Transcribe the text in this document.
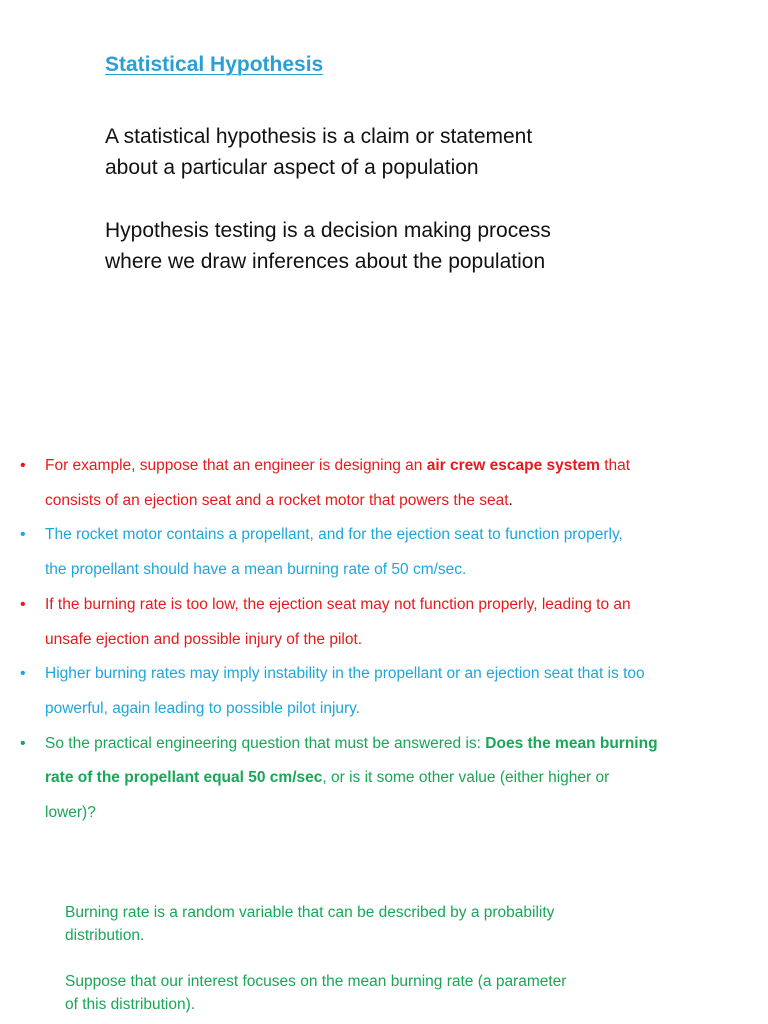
Statistical Hypothesis
A statistical hypothesis is a claim or statement
about a particular aspect of a population
Hypothesis testing is a decision making process
where we draw inferences about the population
• For example, suppose that an engineer is designing an air crew escape system that
consists of an ejection seat and a rocket motor that powers the seat.
• The rocket motor contains a propellant, and for the ejection seat to function properly,
the propellant should have a mean burning rate of 50 cm/sec.
• If the burning rate is too low, the ejection seat may not function properly, leading to an
unsafe ejection and possible injury of the pilot.
• Higher burning rates may imply instability in the propellant or an ejection seat that is too
powerful, again leading to possible pilot injury.
• So the practical engineering question that must be answered is: Does the mean burning
rate of the propellant equal 50 cm/sec, or is it some other value (either higher or
lower)?
Burning rate is a random variable that can be described by a probability
distribution.
Suppose that our interest focuses on the mean burning rate (a parameter
of this distribution).
